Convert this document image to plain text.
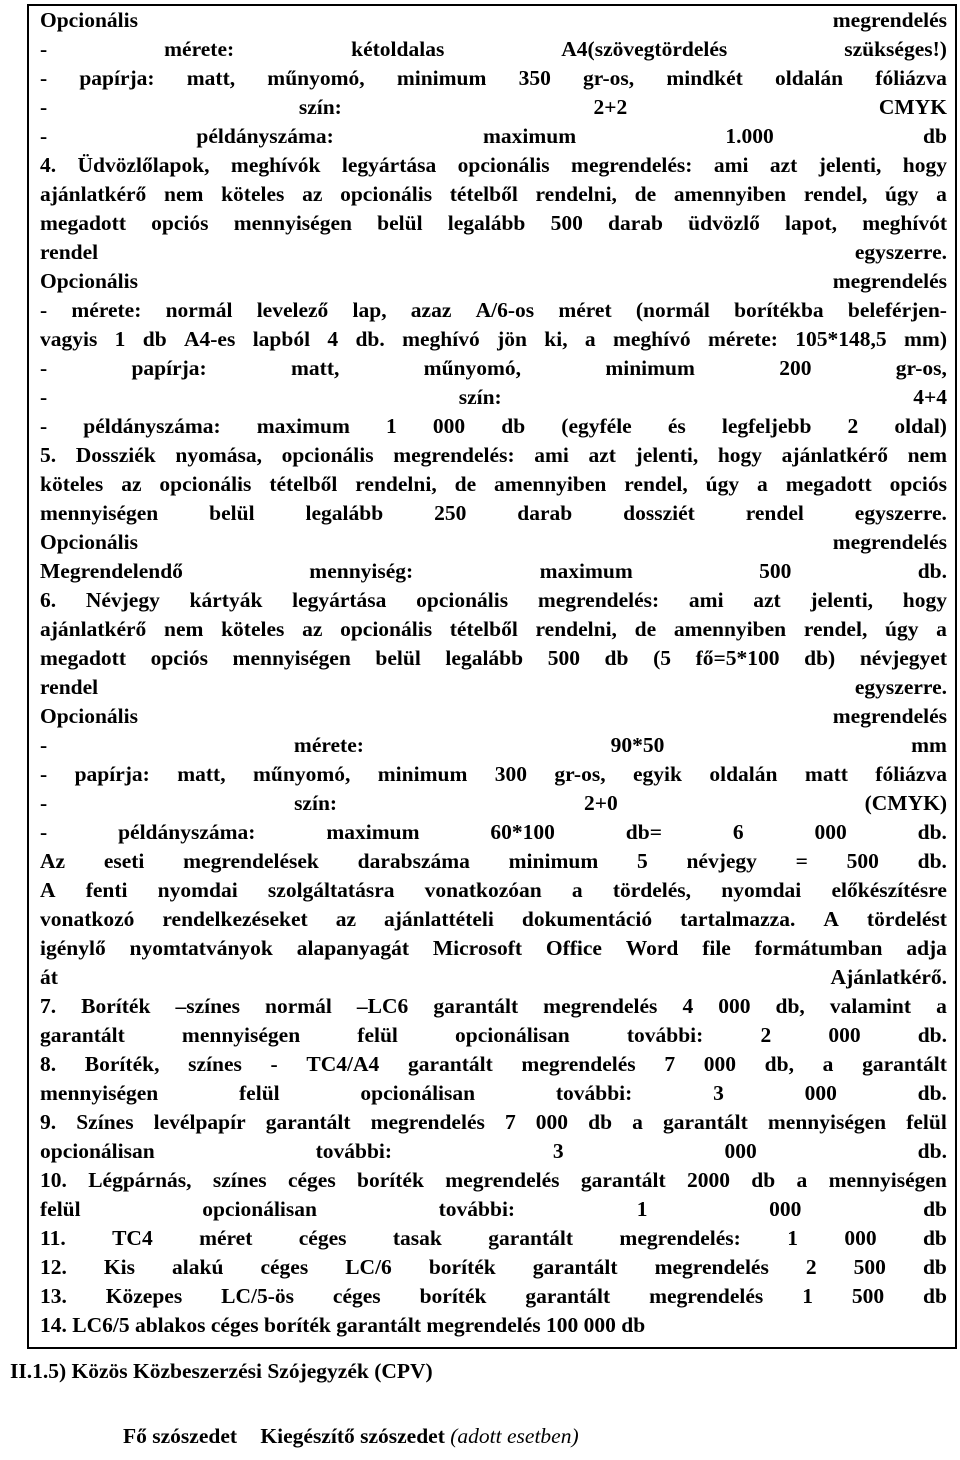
Opcionális	megrendelés
-	mérete:	kétoldalas	A4(szövegtördelés	szükséges!)
- papírja: matt, műnyomó, minimum 350 gr-os, mindkét oldalán fóliázva
-	szín:	2+2	CMYK
-	példányszáma:	maximum	1.000	db
4. Üdvözlőlapok, meghívók legyártása opcionális megrendelés: ami azt jelenti, hogy
ajánlatkérő nem köteles az opcionális tételből rendelni, de amennyiben rendel, úgy a
megadott opciós mennyiségen belül legalább 500 darab üdvözlő lapot, meghívót
rendel	egyszerre.
Opcionális	megrendelés
- mérete: normál levelező lap, azaz A/6-os méret (normál borítékba beleférjen-
vagyis 1 db A4-es lapból 4 db. meghívó jön ki, a meghívó mérete: 105*148,5 mm)
-	papírja:	matt,	műnyomó,	minimum	200	gr-os,
-	szín:	4+4
- példányszáma: maximum 1 000 db (egyféle és legfeljebb 2 oldal)
5. Dossziék nyomása, opcionális megrendelés: ami azt jelenti, hogy ajánlatkérő nem
köteles az opcionális tételből rendelni, de amennyiben rendel, úgy a megadott opciós
mennyiségen belül legalább 250 darab dossziét rendel egyszerre.
Opcionális	megrendelés
Megrendelendő	mennyiség:	maximum	500	db.
6. Névjegy kártyák legyártása opcionális megrendelés: ami azt jelenti, hogy
ajánlatkérő nem köteles az opcionális tételből rendelni, de amennyiben rendel, úgy a
megadott opciós mennyiségen belül legalább 500 db (5 fő=5*100 db) névjegyet
rendel	egyszerre.
Opcionális	megrendelés
-	mérete:	90*50	mm
- papírja: matt, műnyomó, minimum 300 gr-os, egyik oldalán matt fóliázva
-	szín:	2+0	(CMYK)
-	példányszáma:	maximum	60*100	db=	6	000	db.
Az eseti megrendelések darabszáma minimum 5 névjegy = 500 db.
A fenti nyomdai szolgáltatásra vonatkozóan a tördelés, nyomdai előkészítésre
vonatkozó rendelkezéseket az ajánlattételi dokumentáció tartalmazza. A tördelést
igénylő nyomtatványok alapanyagát Microsoft Office Word file formátumban adja
át	Ajánlatkérő.
7. Boríték –színes normál –LC6 garantált megrendelés 4 000 db, valamint a
garantált	mennyiségen	felül	opcionálisan	további:	2	000	db.
8. Boríték, színes - TC4/A4 garantált megrendelés 7 000 db, a garantált
mennyiségen	felül	opcionálisan	további:	3	000	db.
9. Színes levélpapír garantált megrendelés 7 000 db a garantált mennyiségen felül
opcionálisan	további:	3	000	db.
10. Légpárnás, színes céges boríték megrendelés garantált 2000 db a mennyiségen
felül	opcionálisan	további:	1	000	db
11. TC4 méret céges tasak garantált megrendelés: 1 000 db
12. Kis alakú céges LC/6 boríték garantált megrendelés 2 500 db
13. Közepes LC/5-ös céges boríték garantált megrendelés 1 500 db
14. LC6/5 ablakos céges boríték garantált megrendelés 100 000 db
II.1.5) Közös Közbeszerzési Szójegyzék (CPV)
Fő szószedet Kiegészítő szószedet (adott esetben)
